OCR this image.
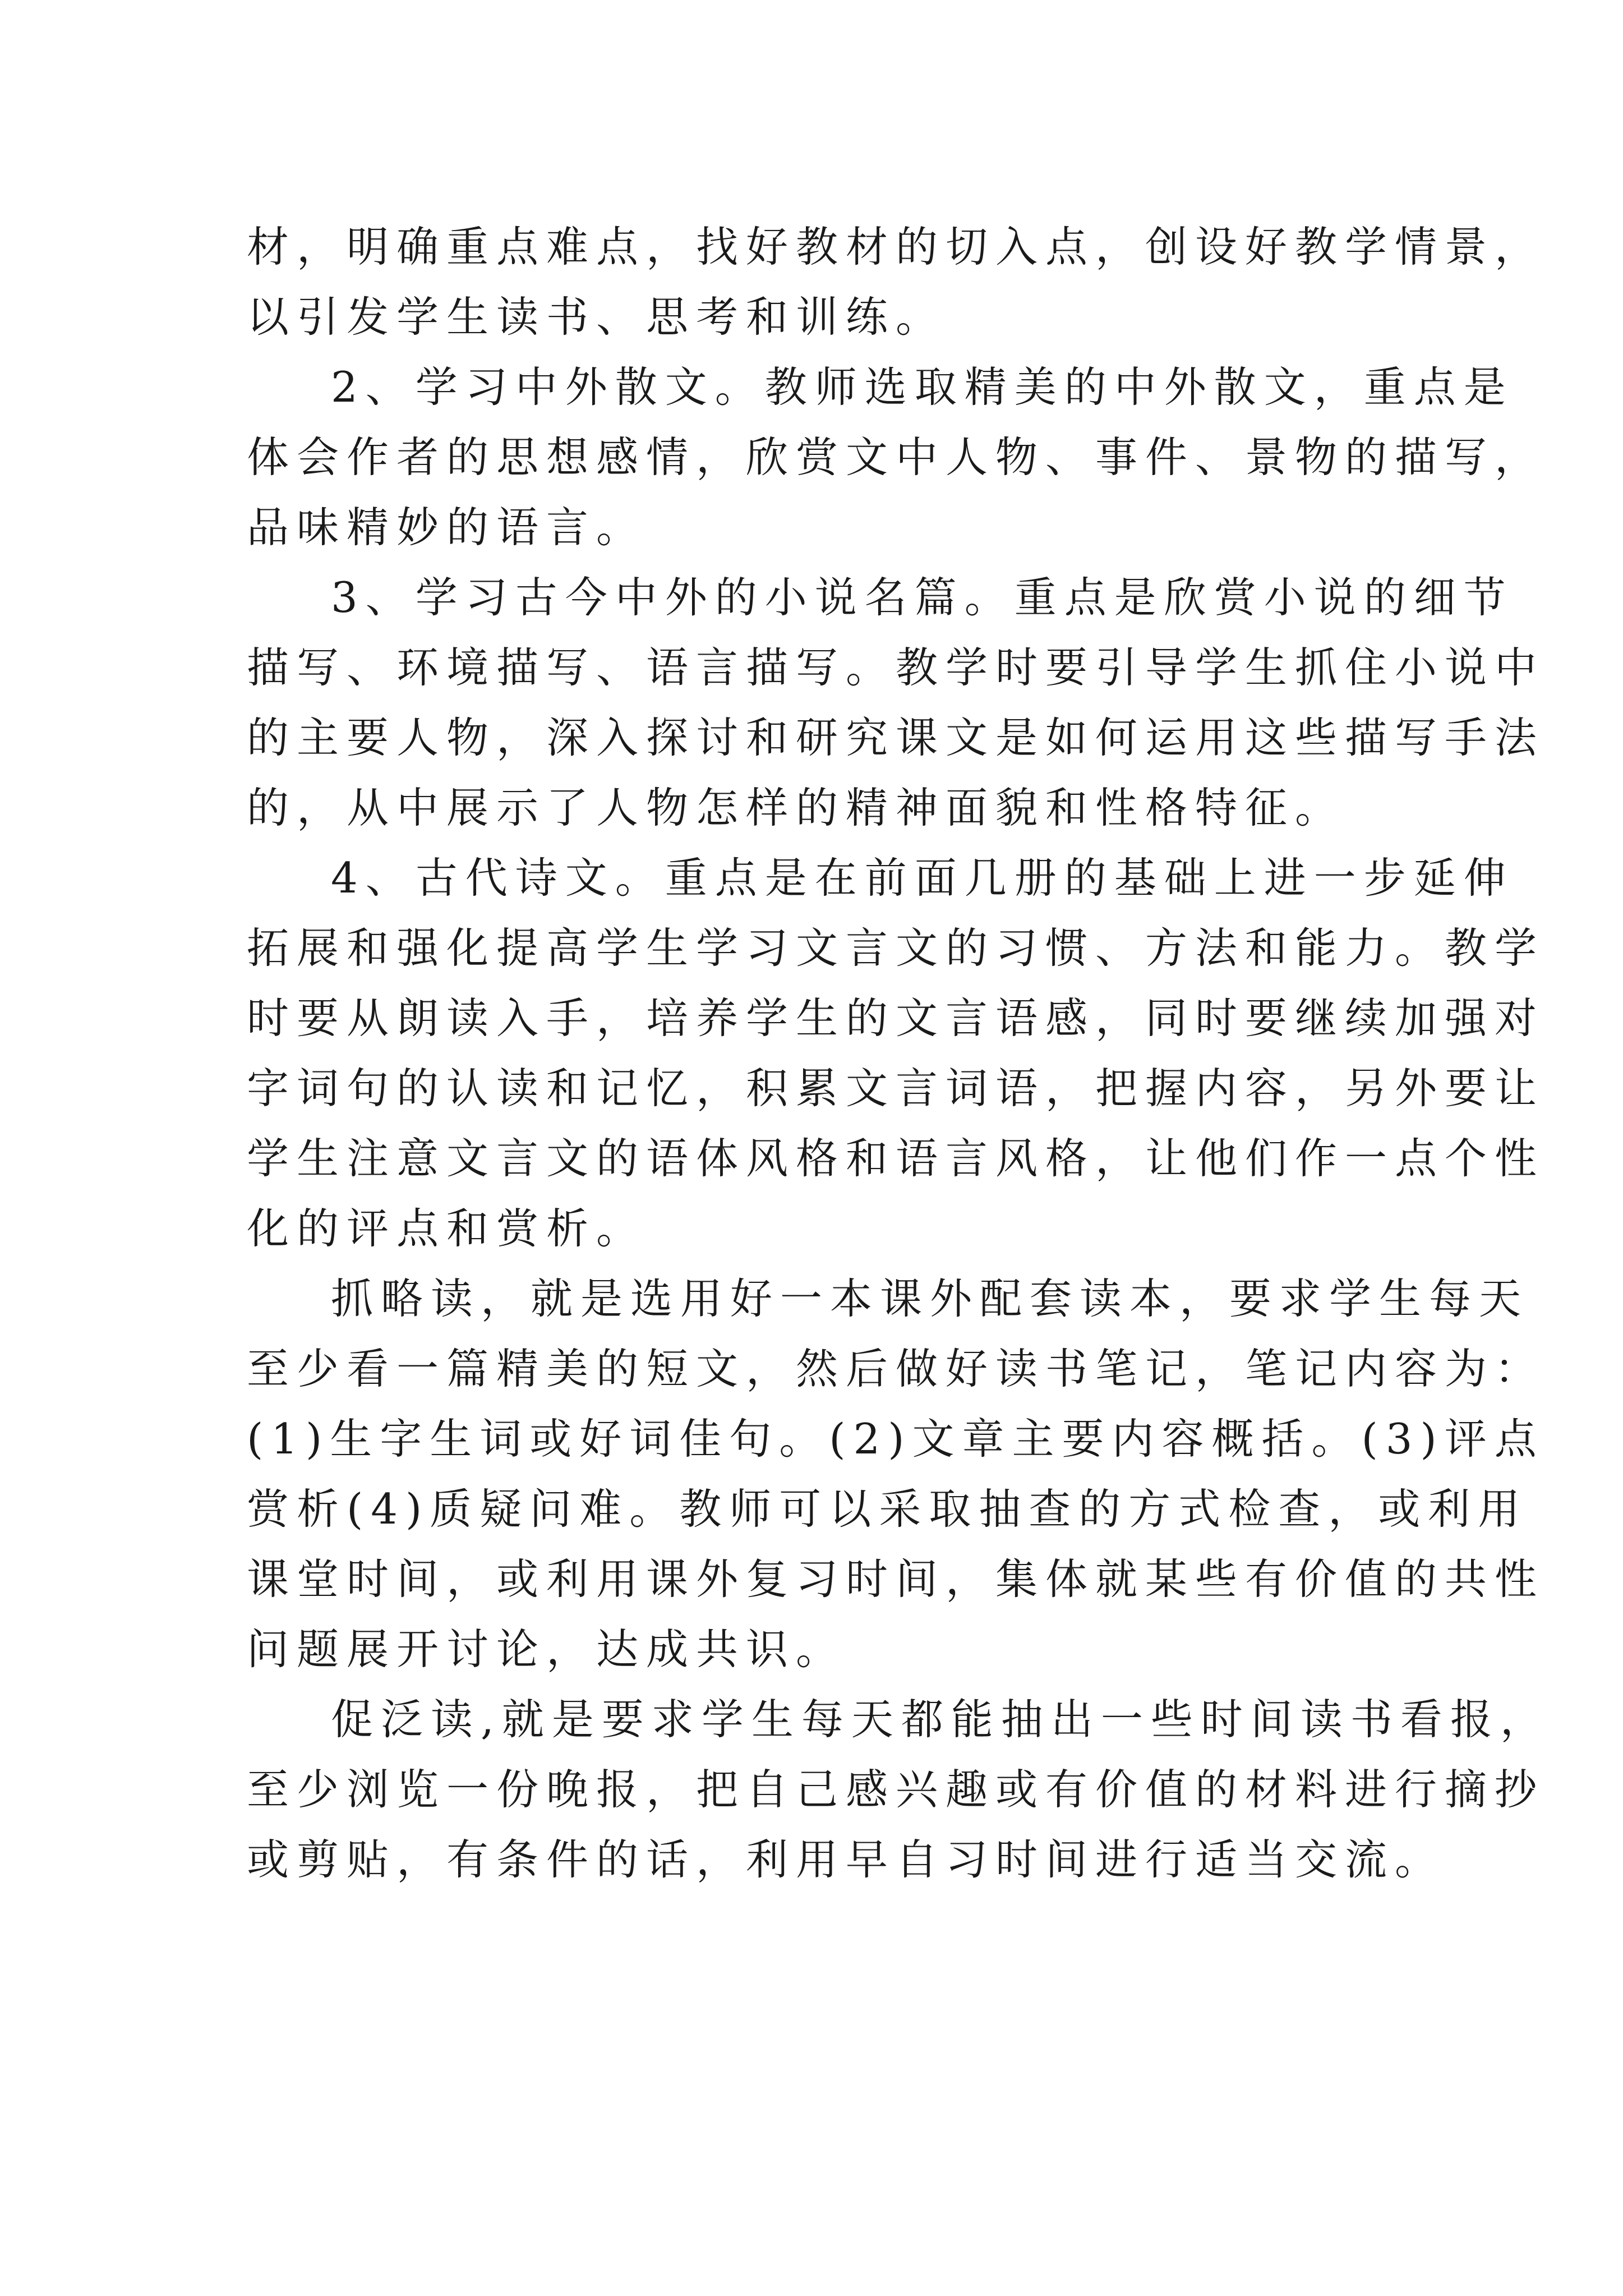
材，明确重点难点，找好教材的切入点，创设好教学情景，
以引发学生读书、思考和训练。

2、学习中外散文。教师选取精美的中外散文，重点是
体会作者的思想感情，欣赏文中人物、事件、景物的描写，
品味精妙的语言。

3、学习古今中外的小说名篇。重点是欣赏小说的细节
描写、环境描写、语言描写。教学时要引导学生抓住小说中
的主要人物，深入探讨和研究课文是如何运用这些描写手法
的，从中展示了人物怎样的精神面貌和性格特征。

4、古代诗文。重点是在前面几册的基础上进一步延伸
拓展和强化提高学生学习文言文的习惯、方法和能力。教学
时要从朗读入手，培养学生的文言语感，同时要继续加强对
字词句的认读和记忆，积累文言词语，把握内容，另外要让
学生注意文言文的语体风格和语言风格，让他们作一点个性
化的评点和赏析。

抓略读，就是选用好一本课外配套读本，要求学生每天
至少看一篇精美的短文，然后做好读书笔记，笔记内容为：
(1)生字生词或好词佳句。(2)文章主要内容概括。(3)评点
赏析(4)质疑问难。教师可以采取抽查的方式检查，或利用
课堂时间，或利用课外复习时间，集体就某些有价值的共性
问题展开讨论，达成共识。

促泛读,就是要求学生每天都能抽出一些时间读书看报，
至少浏览一份晚报，把自己感兴趣或有价值的材料进行摘抄
或剪贴，有条件的话，利用早自习时间进行适当交流。
